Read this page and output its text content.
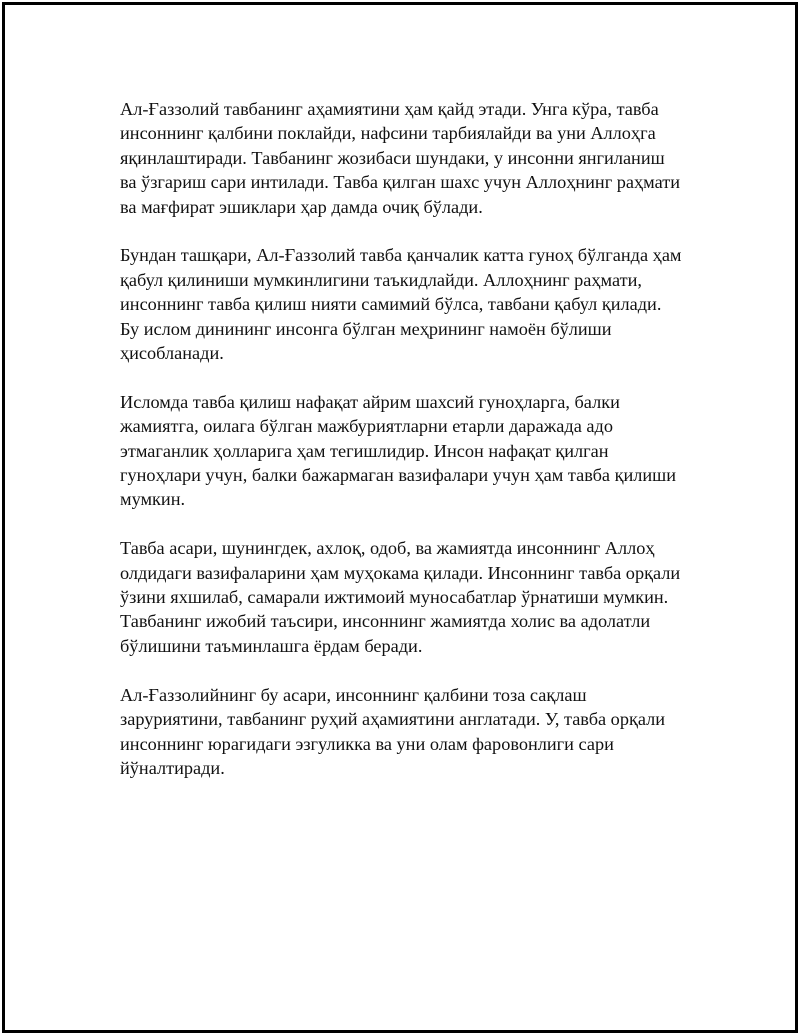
Ал-Ғаззолий тавбанинг аҳамиятини ҳам қайд этади. Унга кўра, тавба
инсоннинг қалбини поклайди, нафсини тарбиялайди ва уни Аллоҳга
яқинлаштиради. Тавбанинг жозибаси шундаки, у инсонни янгиланиш
ва ўзгариш сари интилади. Тавба қилган шахс учун Аллоҳнинг раҳмати
ва мағфират эшиклари ҳар дамда очиқ бўлади.

Бундан ташқари, Ал-Ғаззолий тавба қанчалик катта гуноҳ бўлганда ҳам
қабул қилиниши мумкинлигини таъкидлайди. Аллоҳнинг раҳмати,
инсоннинг тавба қилиш нияти самимий бўлса, тавбани қабул қилади.
Бу ислом динининг инсонга бўлган меҳрининг намоён бўлиши
ҳисобланади.

Исломда тавба қилиш нафақат айрим шахсий гуноҳларга, балки
жамиятга, оилага бўлган мажбуриятларни етарли даражада адо
этмаганлик ҳолларига ҳам тегишлидир. Инсон нафақат қилган
гуноҳлари учун, балки бажармаган вазифалари учун ҳам тавба қилиши
мумкин.

Тавба асари, шунингдек, ахлоқ, одоб, ва жамиятда инсоннинг Аллоҳ
олдидаги вазифаларини ҳам муҳокама қилади. Инсоннинг тавба орқали
ўзини яхшилаб, самарали ижтимоий муносабатлар ўрнатиши мумкин.
Тавбанинг ижобий таъсири, инсоннинг жамиятда холис ва адолатли
бўлишини таъминлашга ёрдам беради.

Ал-Ғаззолийнинг бу асари, инсоннинг қалбини тоза сақлаш
заруриятини, тавбанинг руҳий аҳамиятини англатади. У, тавба орқали
инсоннинг юрагидаги эзгуликка ва уни олам фаровонлиги сари
йўналтиради.
